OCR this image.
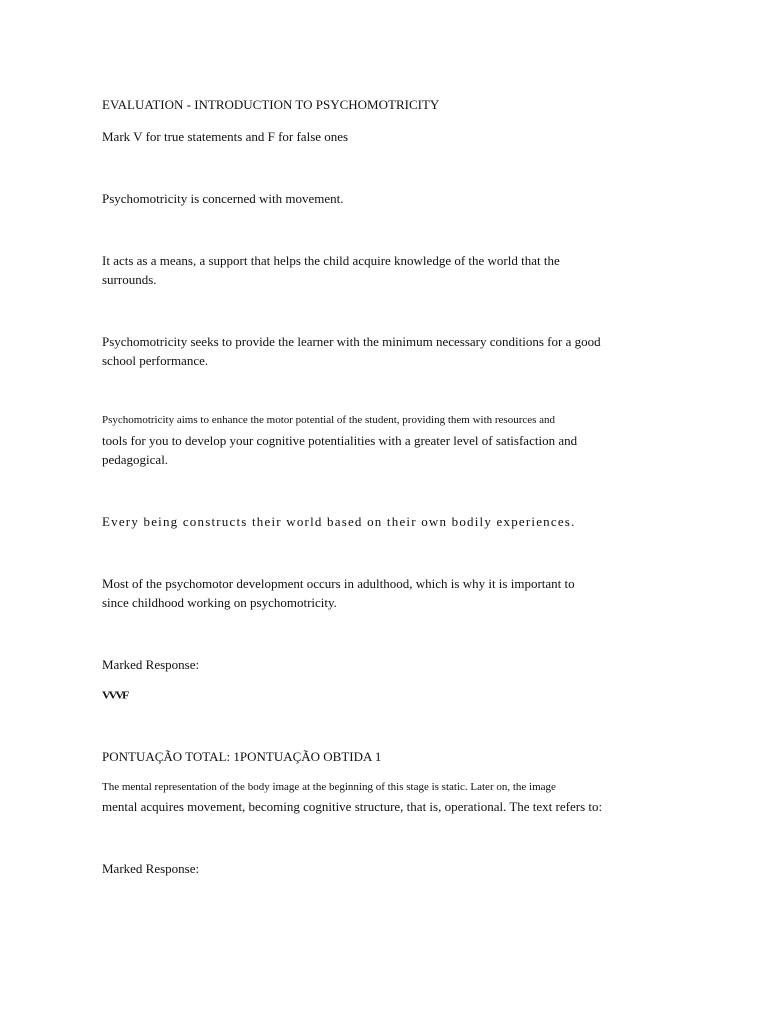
EVALUATION - INTRODUCTION TO PSYCHOMOTRICITY

Mark V for true statements and F for false ones

Psychomotricity is concerned with movement.

It acts as a means, a support that helps the child acquire knowledge of the world that the

surrounds.

Psychomotricity seeks to provide the learner with the minimum necessary conditions for a good

school performance.

Psychomotricity aims to enhance the motor potential of the student, providing them with resources and

tools for you to develop your cognitive potentialities with a greater level of satisfaction and

pedagogical.

Every being constructs their world based on their own bodily experiences.

Most of the psychomotor development occurs in adulthood, which is why it is important to

since childhood working on psychomotricity.

Marked Response:

VVVF

PONTUAÇÃO TOTAL: 1PONTUAÇÃO OBTIDA 1

The mental representation of the body image at the beginning of this stage is static. Later on, the image

mental acquires movement, becoming cognitive structure, that is, operational. The text refers to:

Marked Response:
